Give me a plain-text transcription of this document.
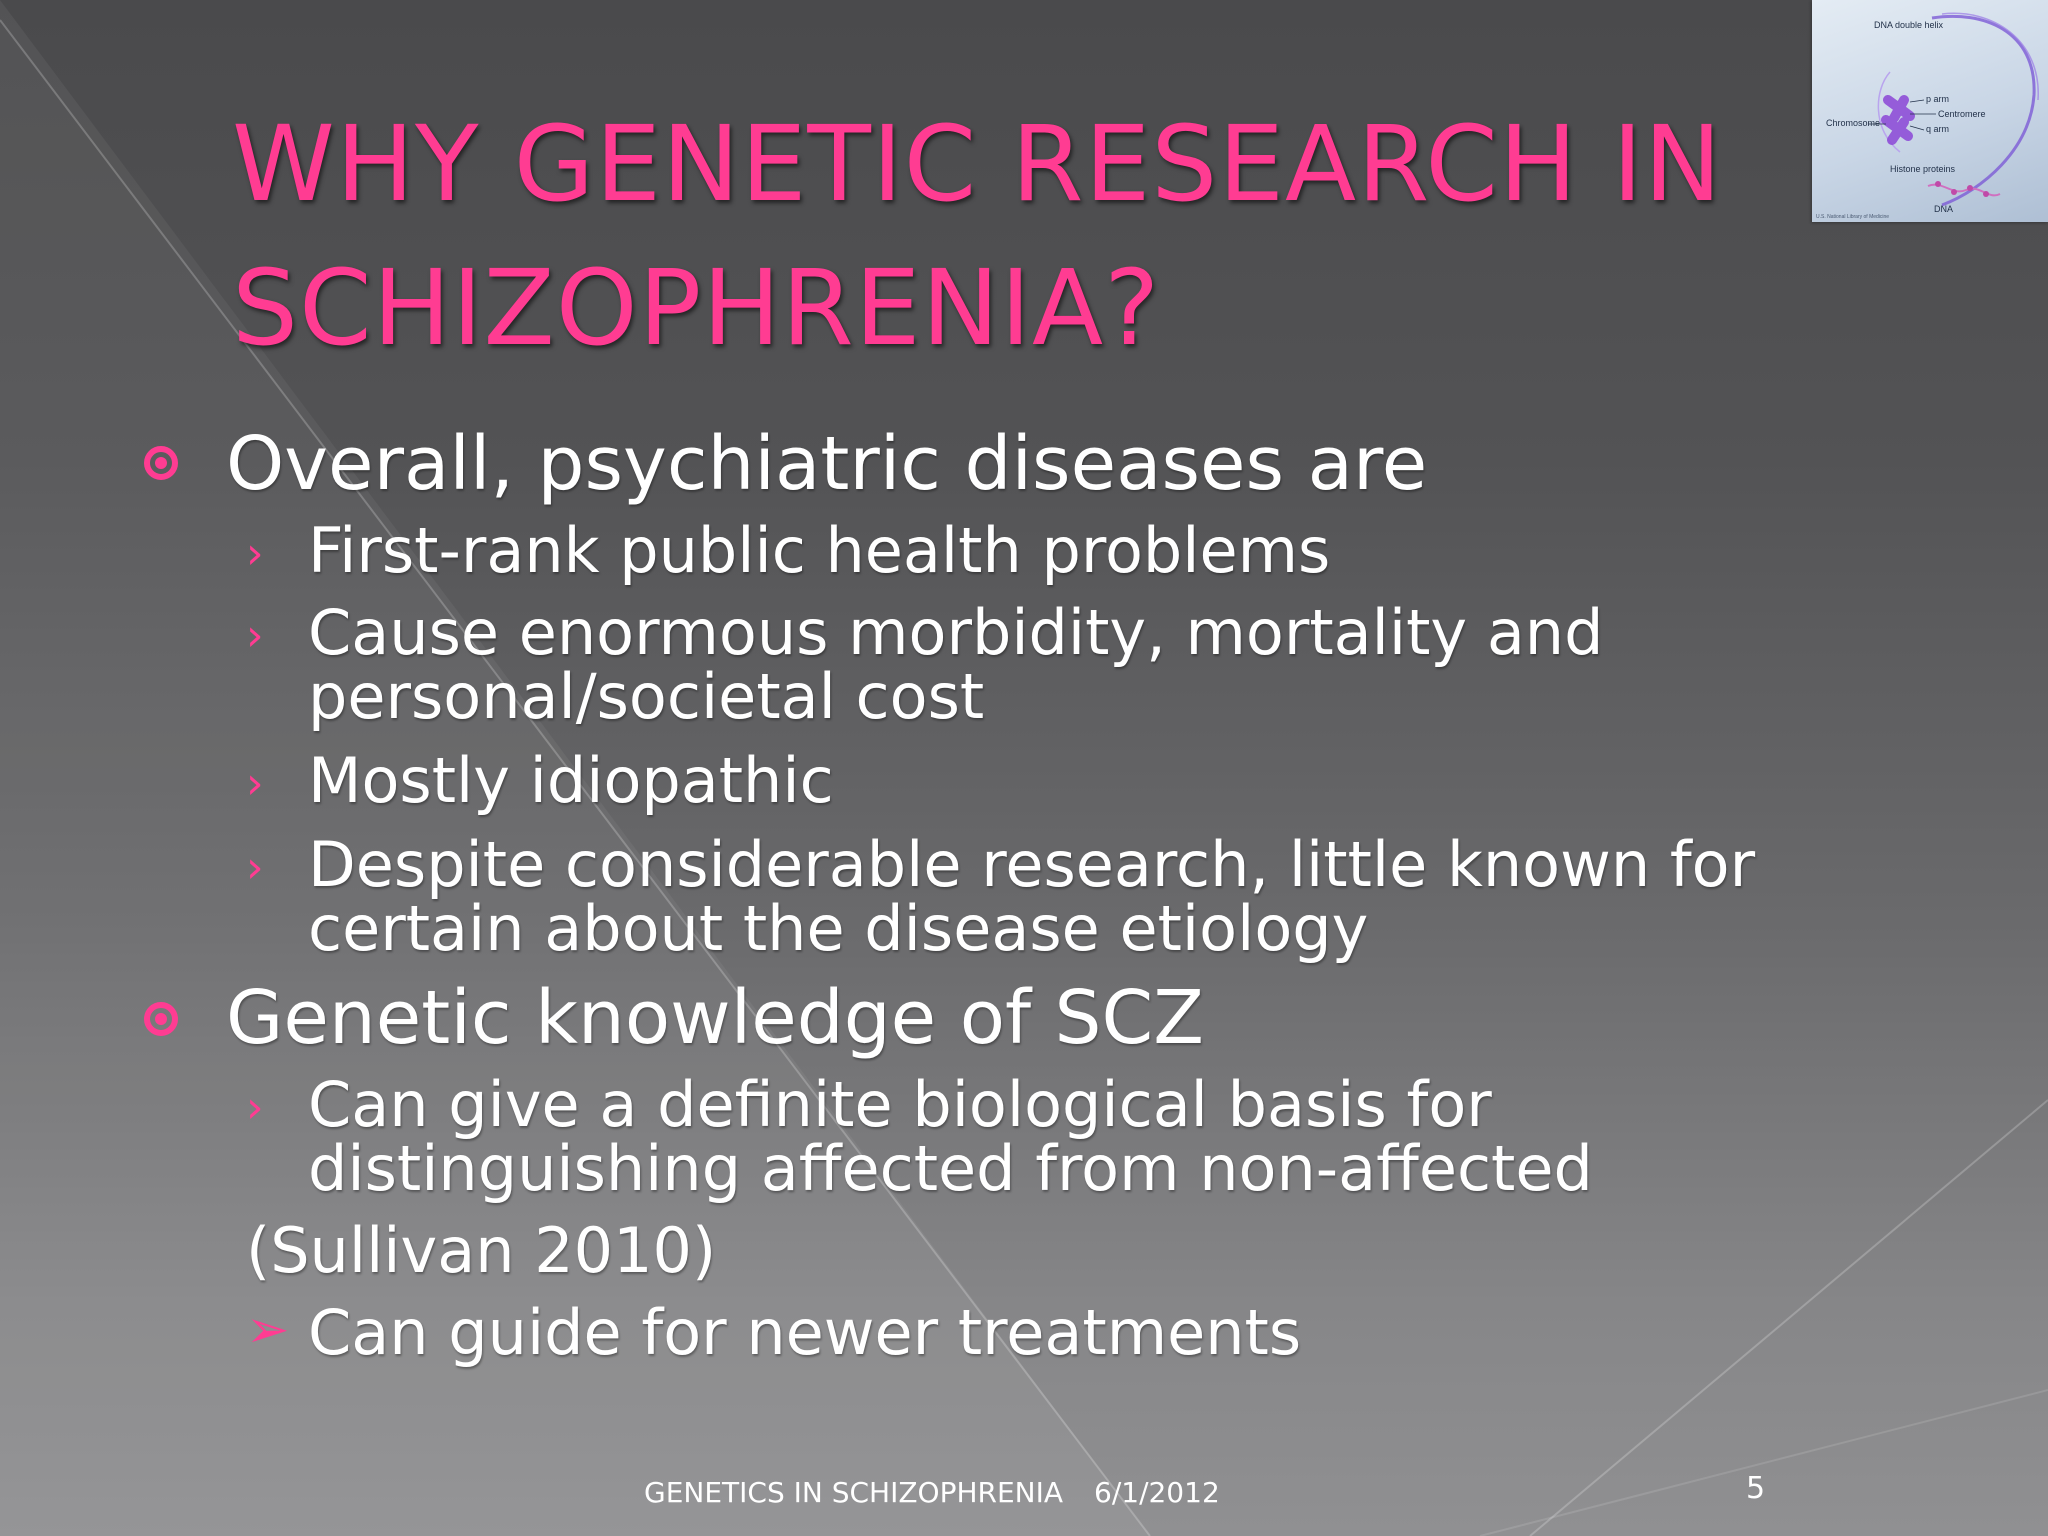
WHY GENETIC RESEARCH IN
SCHIZOPHRENIA?
Overall, psychiatric diseases are
› First-rank public health problems
› Cause enormous morbidity, mortality and
personal/societal cost
› Mostly idiopathic
› Despite considerable research, little known for
certain about the disease etiology
Genetic knowledge of SCZ
› Can give a definite biological basis for
distinguishing affected from non-affected
(Sullivan 2010)
➢ Can guide for newer treatments
DNA double helix
Chromosome
p arm
Centromere
q arm
Histone proteins
DNA
U.S. National Library of Medicine
GENETICS IN SCHIZOPHRENIA 6/1/2012	5
